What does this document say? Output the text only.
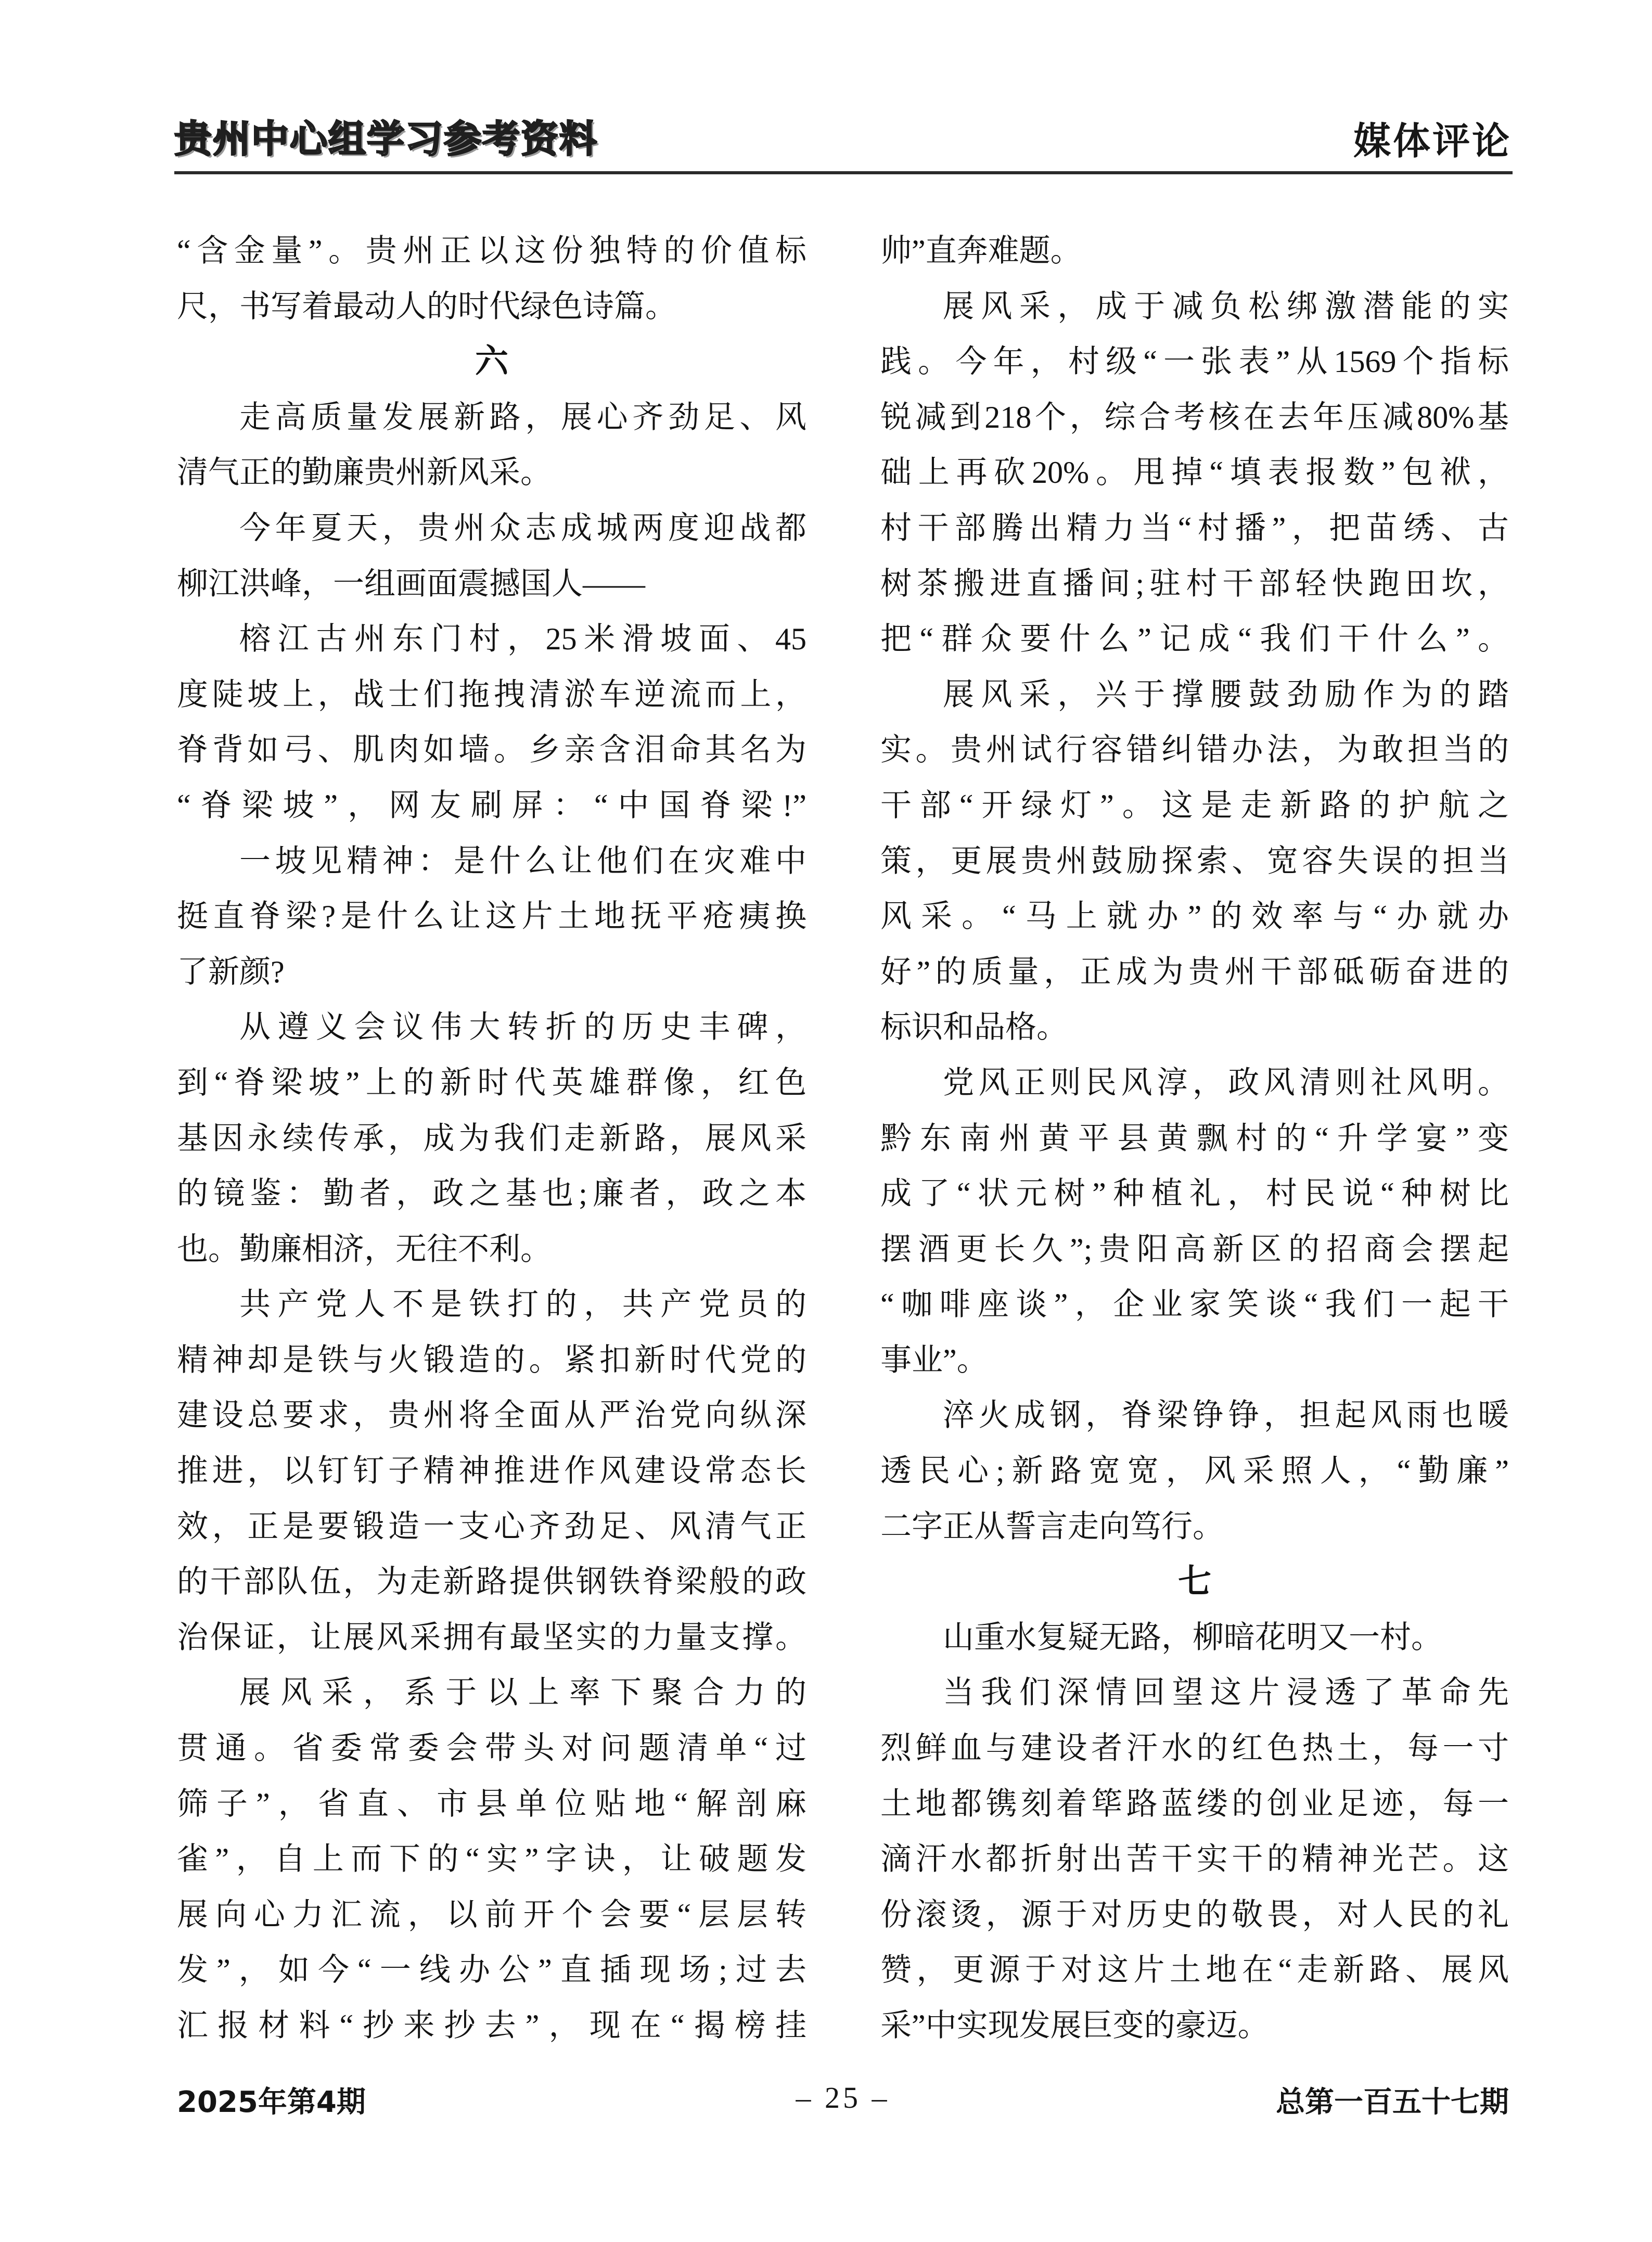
贵州中心组学习参考资料	媒体评论
“含金量”。贵州正以这份独特的价值标
尺，书写着最动人的时代绿色诗篇。
六
走高质量发展新路，展心齐劲足、风
清气正的勤廉贵州新风采。
今年夏天，贵州众志成城两度迎战都
柳江洪峰，一组画面震撼国人——
榕江古州东门村，25米滑坡面、45
度陡坡上，战士们拖拽清淤车逆流而上，
脊背如弓、肌肉如墙。乡亲含泪命其名为
“脊梁坡”，网友刷屏：“中国脊梁!”
一坡见精神：是什么让他们在灾难中
挺直脊梁?是什么让这片土地抚平疮痍换
了新颜?
从遵义会议伟大转折的历史丰碑，
到“脊梁坡”上的新时代英雄群像，红色
基因永续传承，成为我们走新路，展风采
的镜鉴：勤者，政之基也;廉者，政之本
也。勤廉相济，无往不利。
共产党人不是铁打的，共产党员的
精神却是铁与火锻造的。紧扣新时代党的
建设总要求，贵州将全面从严治党向纵深
推进，以钉钉子精神推进作风建设常态长
效，正是要锻造一支心齐劲足、风清气正
的干部队伍，为走新路提供钢铁脊梁般的政
治保证，让展风采拥有最坚实的力量支撑。
展风采，系于以上率下聚合力的
贯通。省委常委会带头对问题清单“过
筛子”，省直、市县单位贴地“解剖麻
雀”，自上而下的“实”字诀，让破题发
展向心力汇流，以前开个会要“层层转
发”，如今“一线办公”直插现场;过去
汇报材料“抄来抄去”，现在“揭榜挂
帅”直奔难题。
展风采，成于减负松绑激潜能的实
践。今年，村级“一张表”从1569个指标
锐减到218个，综合考核在去年压减80%基
础上再砍20%。甩掉“填表报数”包袱，
村干部腾出精力当“村播”，把苗绣、古
树茶搬进直播间;驻村干部轻快跑田坎，
把“群众要什么”记成“我们干什么”。
展风采，兴于撑腰鼓劲励作为的踏
实。贵州试行容错纠错办法，为敢担当的
干部“开绿灯”。这是走新路的护航之
策，更展贵州鼓励探索、宽容失误的担当
风采。“马上就办”的效率与“办就办
好”的质量，正成为贵州干部砥砺奋进的
标识和品格。
党风正则民风淳，政风清则社风明。
黔东南州黄平县黄飘村的“升学宴”变
成了“状元树”种植礼，村民说“种树比
摆酒更长久”;贵阳高新区的招商会摆起
“咖啡座谈”，企业家笑谈“我们一起干
事业”。
淬火成钢，脊梁铮铮，担起风雨也暖
透民心;新路宽宽，风采照人，“勤廉”
二字正从誓言走向笃行。
七
山重水复疑无路，柳暗花明又一村。
当我们深情回望这片浸透了革命先
烈鲜血与建设者汗水的红色热土，每一寸
土地都镌刻着筚路蓝缕的创业足迹，每一
滴汗水都折射出苦干实干的精神光芒。这
份滚烫，源于对历史的敬畏，对人民的礼
赞，更源于对这片土地在“走新路、展风
采”中实现发展巨变的豪迈。
2025年第4期	– 25 –	总第一百五十七期
